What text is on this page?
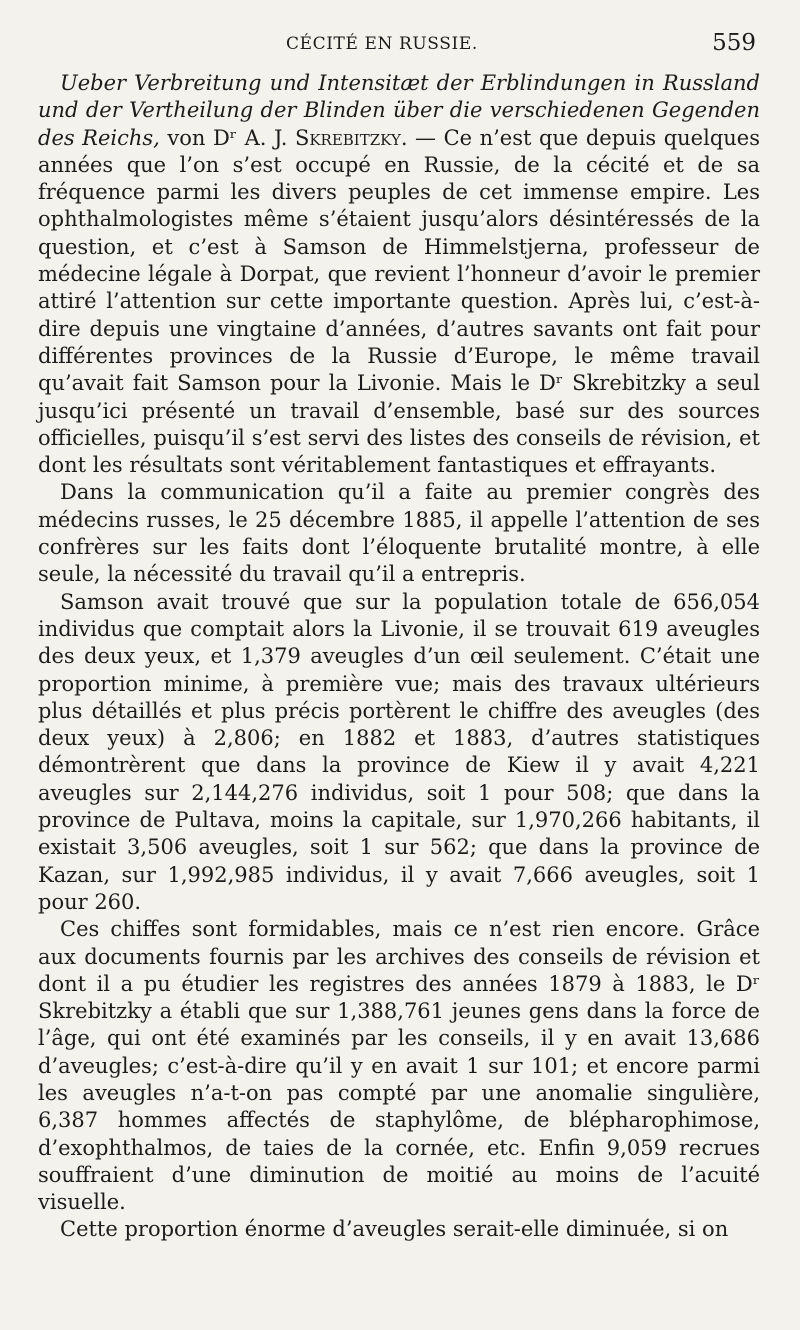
CÉCITÉ EN RUSSIE.	559

Ueber Verbreitung und Intensitæt der Erblindungen in Russland und der Vertheilung der Blinden über die verschiedenen Gegenden des Reichs, von Dʳ A. J. Skrebitzky. — Ce n’est que depuis quelques années que l’on s’est occupé en Russie, de la cécité et de sa fréquence parmi les divers peuples de cet immense empire. Les ophthalmologistes même s’étaient jusqu’alors désintéressés de la question, et c’est à Samson de Himmelstjerna, professeur de médecine légale à Dorpat, que revient l’honneur d’avoir le premier attiré l’attention sur cette importante question. Après lui, c’est-à-dire depuis une vingtaine d’années, d’autres savants ont fait pour différentes provinces de la Russie d’Europe, le même travail qu’avait fait Samson pour la Livonie. Mais le Dʳ Skrebitzky a seul jusqu’ici présenté un travail d’ensemble, basé sur des sources officielles, puisqu’il s’est servi des listes des conseils de révision, et dont les résultats sont véritablement fantastiques et effrayants.

Dans la communication qu’il a faite au premier congrès des médecins russes, le 25 décembre 1885, il appelle l’attention de ses confrères sur les faits dont l’éloquente brutalité montre, à elle seule, la nécessité du travail qu’il a entrepris.

Samson avait trouvé que sur la population totale de 656,054 individus que comptait alors la Livonie, il se trouvait 619 aveugles des deux yeux, et 1,379 aveugles d’un œil seulement. C’était une proportion minime, à première vue; mais des travaux ultérieurs plus détaillés et plus précis portèrent le chiffre des aveugles (des deux yeux) à 2,806; en 1882 et 1883, d’autres statistiques démontrèrent que dans la province de Kiew il y avait 4,221 aveugles sur 2,144,276 individus, soit 1 pour 508; que dans la province de Pultava, moins la capitale, sur 1,970,266 habitants, il existait 3,506 aveugles, soit 1 sur 562; que dans la province de Kazan, sur 1,992,985 individus, il y avait 7,666 aveugles, soit 1 pour 260.

Ces chiffes sont formidables, mais ce n’est rien encore. Grâce aux documents fournis par les archives des conseils de révision et dont il a pu étudier les registres des années 1879 à 1883, le Dʳ Skrebitzky a établi que sur 1,388,761 jeunes gens dans la force de l’âge, qui ont été examinés par les conseils, il y en avait 13,686 d’aveugles; c’est-à-dire qu’il y en avait 1 sur 101; et encore parmi les aveugles n’a-t-on pas compté par une anomalie singulière, 6,387 hommes affectés de staphylôme, de blépharophimose, d’exophthalmos, de taies de la cornée, etc. Enfin 9,059 recrues souffraient d’une diminution de moitié au moins de l’acuité visuelle.

Cette proportion énorme d’aveugles serait-elle diminuée, si on
